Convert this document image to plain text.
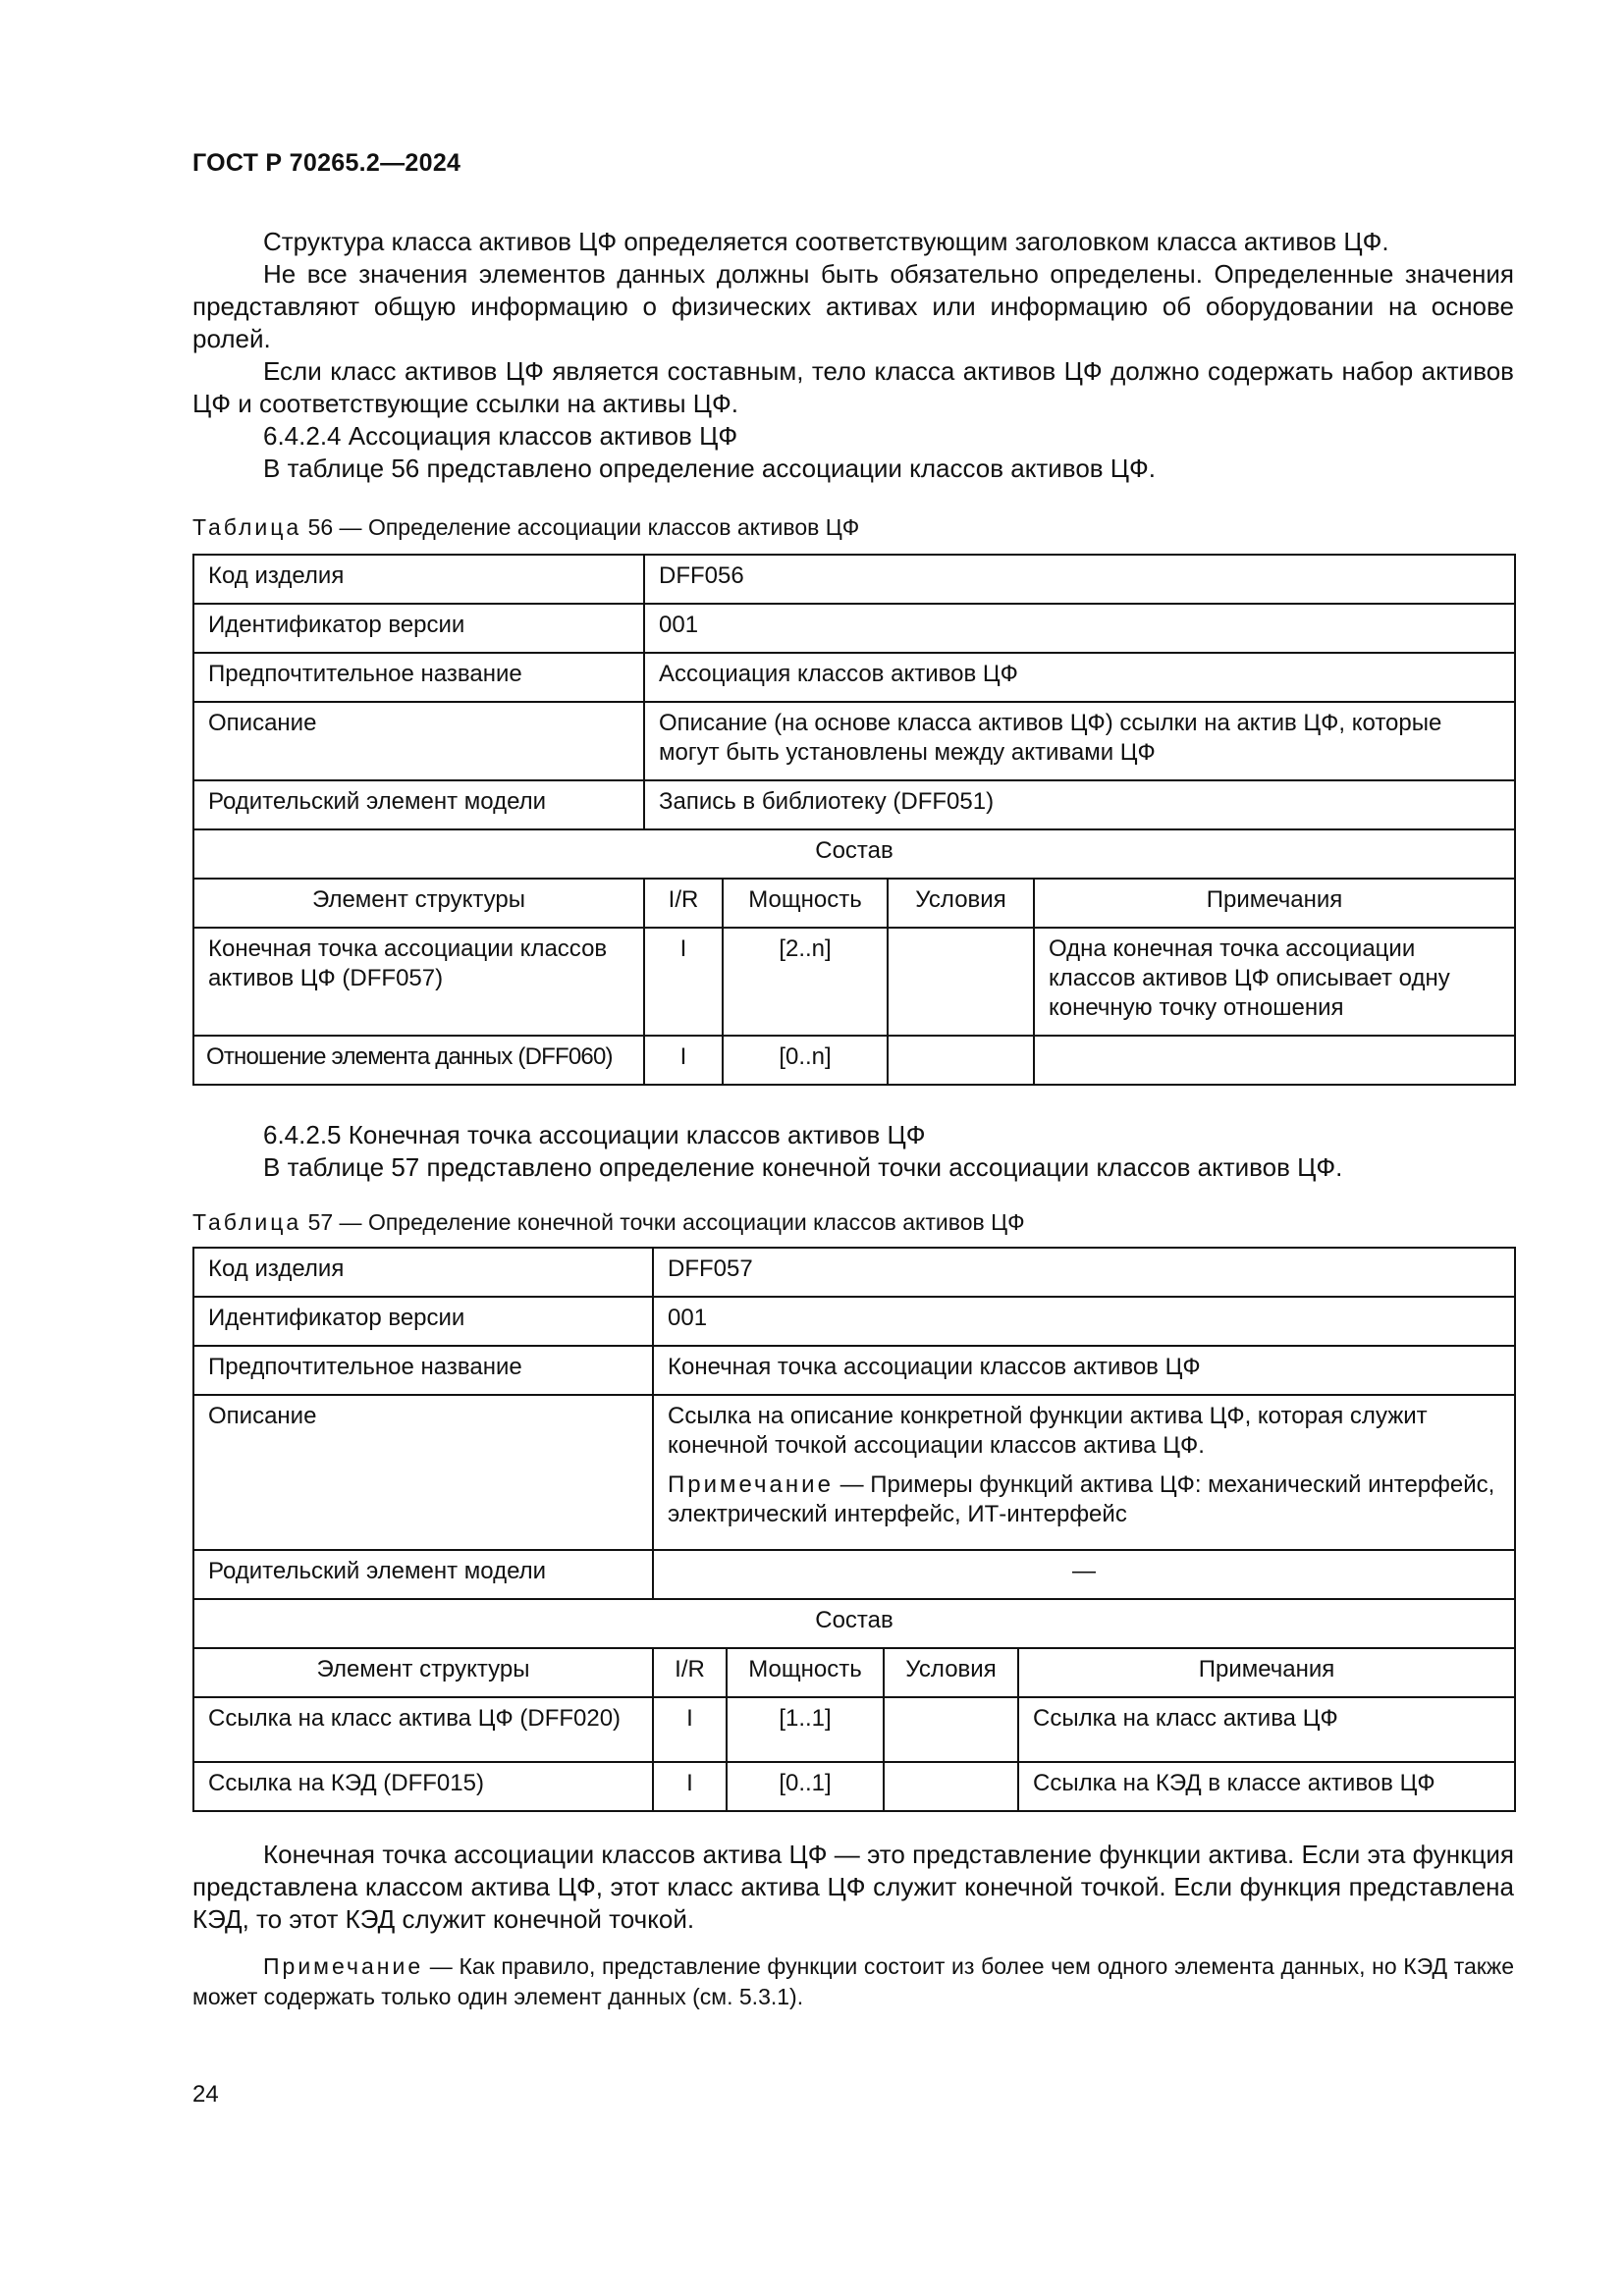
ГОСТ Р 70265.2—2024

Структура класса активов ЦФ определяется соответствующим заголовком класса активов ЦФ.

Не все значения элементов данных должны быть обязательно определены. Определенные значения представляют общую информацию о физических активах или информацию об оборудовании на основе ролей.

Если класс активов ЦФ является составным, тело класса активов ЦФ должно содержать набор активов ЦФ и соответствующие ссылки на активы ЦФ.

6.4.2.4 Ассоциация классов активов ЦФ

В таблице 56 представлено определение ассоциации классов активов ЦФ.

Таблица 56 — Определение ассоциации классов активов ЦФ
Код изделия	DFF056			
Идентификатор версии	001			
Предпочтительное название	Ассоциация классов активов ЦФ			
Описание	Описание (на основе класса активов ЦФ) ссылки на актив ЦФ, которые могут быть установлены между активами ЦФ			
Родительский элемент модели	Запись в библиотеку (DFF051)			
Состав				
Элемент структуры	I/R	Мощность	Условия	Примечания
Конечная точка ассоциации классов активов ЦФ (DFF057)	I	[2..n]		Одна конечная точка ассоциации классов активов ЦФ описывает одну конечную точку отношения
Отношение элемента данных (DFF060)	I	[0..n]		

6.4.2.5 Конечная точка ассоциации классов активов ЦФ

В таблице 57 представлено определение конечной точки ассоциации классов активов ЦФ.

Таблица 57 — Определение конечной точки ассоциации классов активов ЦФ
Код изделия	DFF057			
Идентификатор версии	001			
Предпочтительное название	Конечная точка ассоциации классов активов ЦФ			
Описание	Ссылка на описание конкретной функции актива ЦФ, которая служит конечной точкой ассоциации классов актива ЦФ.
Примечание — Примеры функций актива ЦФ: механический интерфейс, электрический интерфейс, ИТ-интерфейс			

Родительский элемент модели	—			
Состав				
Элемент структуры	I/R	Мощность	Условия	Примечания
Ссылка на класс актива ЦФ (DFF020)	I	[1..1]		Ссылка на класс актива ЦФ
Ссылка на КЭД (DFF015)	I	[0..1]		Ссылка на КЭД в классе активов ЦФ

Конечная точка ассоциации классов актива ЦФ — это представление функции актива. Если эта функция представлена классом актива ЦФ, этот класс актива ЦФ служит конечной точкой. Если функция представлена КЭД, то этот КЭД служит конечной точкой.

Примечание — Как правило, представление функции состоит из более чем одного элемента данных, но КЭД также может содержать только один элемент данных (см. 5.3.1).

24
